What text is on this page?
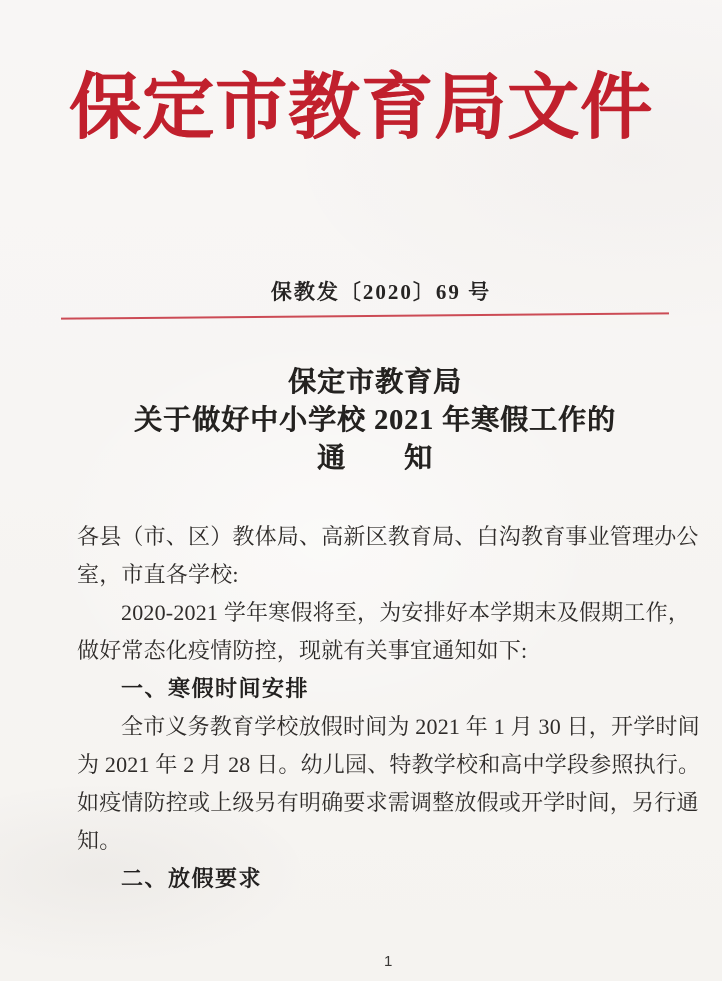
保定市教育局文件
保教发〔2020〕69 号
保定市教育局
关于做好中小学校 2021 年寒假工作的
通　　知
各县（市、区）教体局、高新区教育局、白沟教育事业管理办公
室，市直各学校:
2020-2021 学年寒假将至，为安排好本学期末及假期工作，
做好常态化疫情防控，现就有关事宜通知如下:
一、寒假时间安排
全市义务教育学校放假时间为 2021 年 1 月 30 日，开学时间
为 2021 年 2 月 28 日。幼儿园、特教学校和高中学段参照执行。
如疫情防控或上级另有明确要求需调整放假或开学时间，另行通
知。
二、放假要求
1
